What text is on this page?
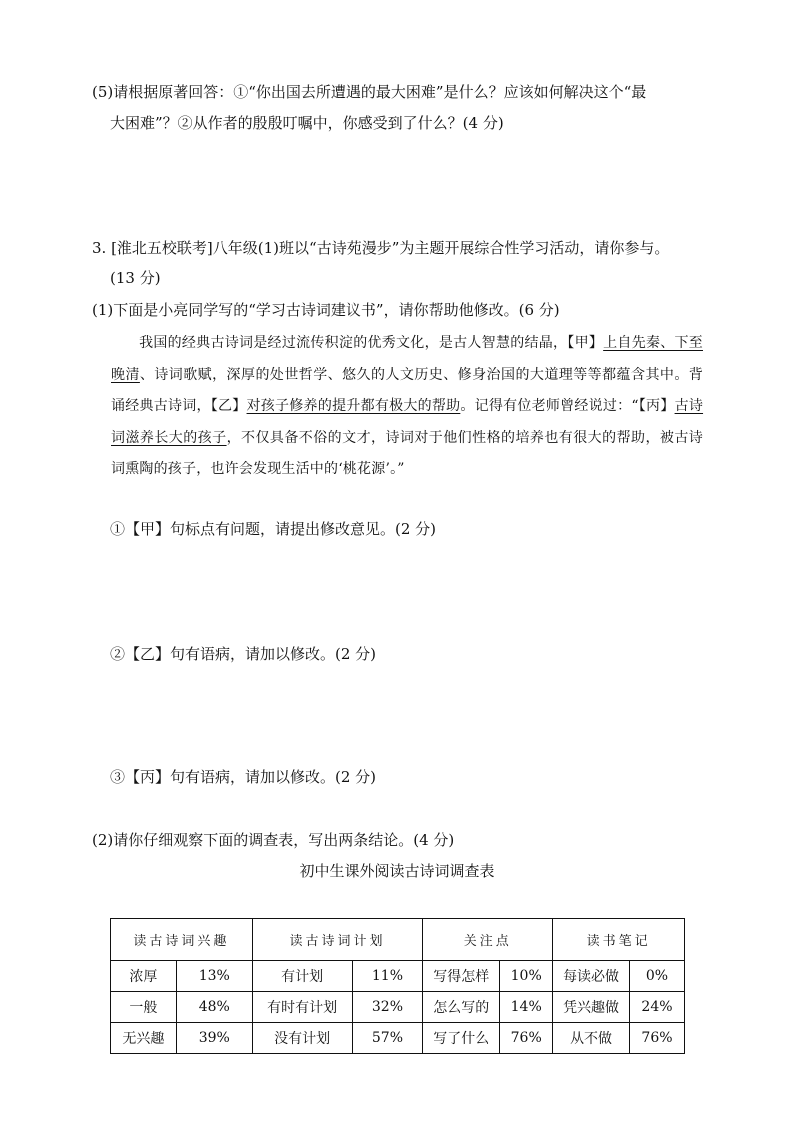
(5)请根据原著回答：①“你出国去所遭遇的最大困难”是什么？应该如何解决这个“最
大困难”？②从作者的殷殷叮嘱中，你感受到了什么？(4 分)
3. [淮北五校联考]八年级(1)班以“古诗苑漫步”为主题开展综合性学习活动，请你参与。
(13 分)
(1)下面是小亮同学写的“学习古诗词建议书”，请你帮助他修改。(6 分)
我国的经典古诗词是经过流传积淀的优秀文化，是古人智慧的结晶，【甲】上自先秦、下至晚清、诗词歌赋，深厚的处世哲学、悠久的人文历史、修身治国的大道理等等都蕴含其中。背诵经典古诗词，【乙】对孩子修养的提升都有极大的帮助。记得有位老师曾经说过：“【丙】古诗词滋养长大的孩子，不仅具备不俗的文才，诗词对于他们性格的培养也有很大的帮助，被古诗词熏陶的孩子，也许会发现生活中的‘桃花源’。”
①【甲】句标点有问题，请提出修改意见。(2 分)
②【乙】句有语病，请加以修改。(2 分)
③【丙】句有语病，请加以修改。(2 分)
(2)请你仔细观察下面的调查表，写出两条结论。(4 分)
初中生课外阅读古诗词调查表
读古诗词兴趣		读古诗词计划		关注点		读书笔记	
浓厚	13%	有计划	11%	写得怎样	10%	每读必做	0%
一般	48%	有时有计划	32%	怎么写的	14%	凭兴趣做	24%
无兴趣	39%	没有计划	57%	写了什么	76%	从不做	76%
